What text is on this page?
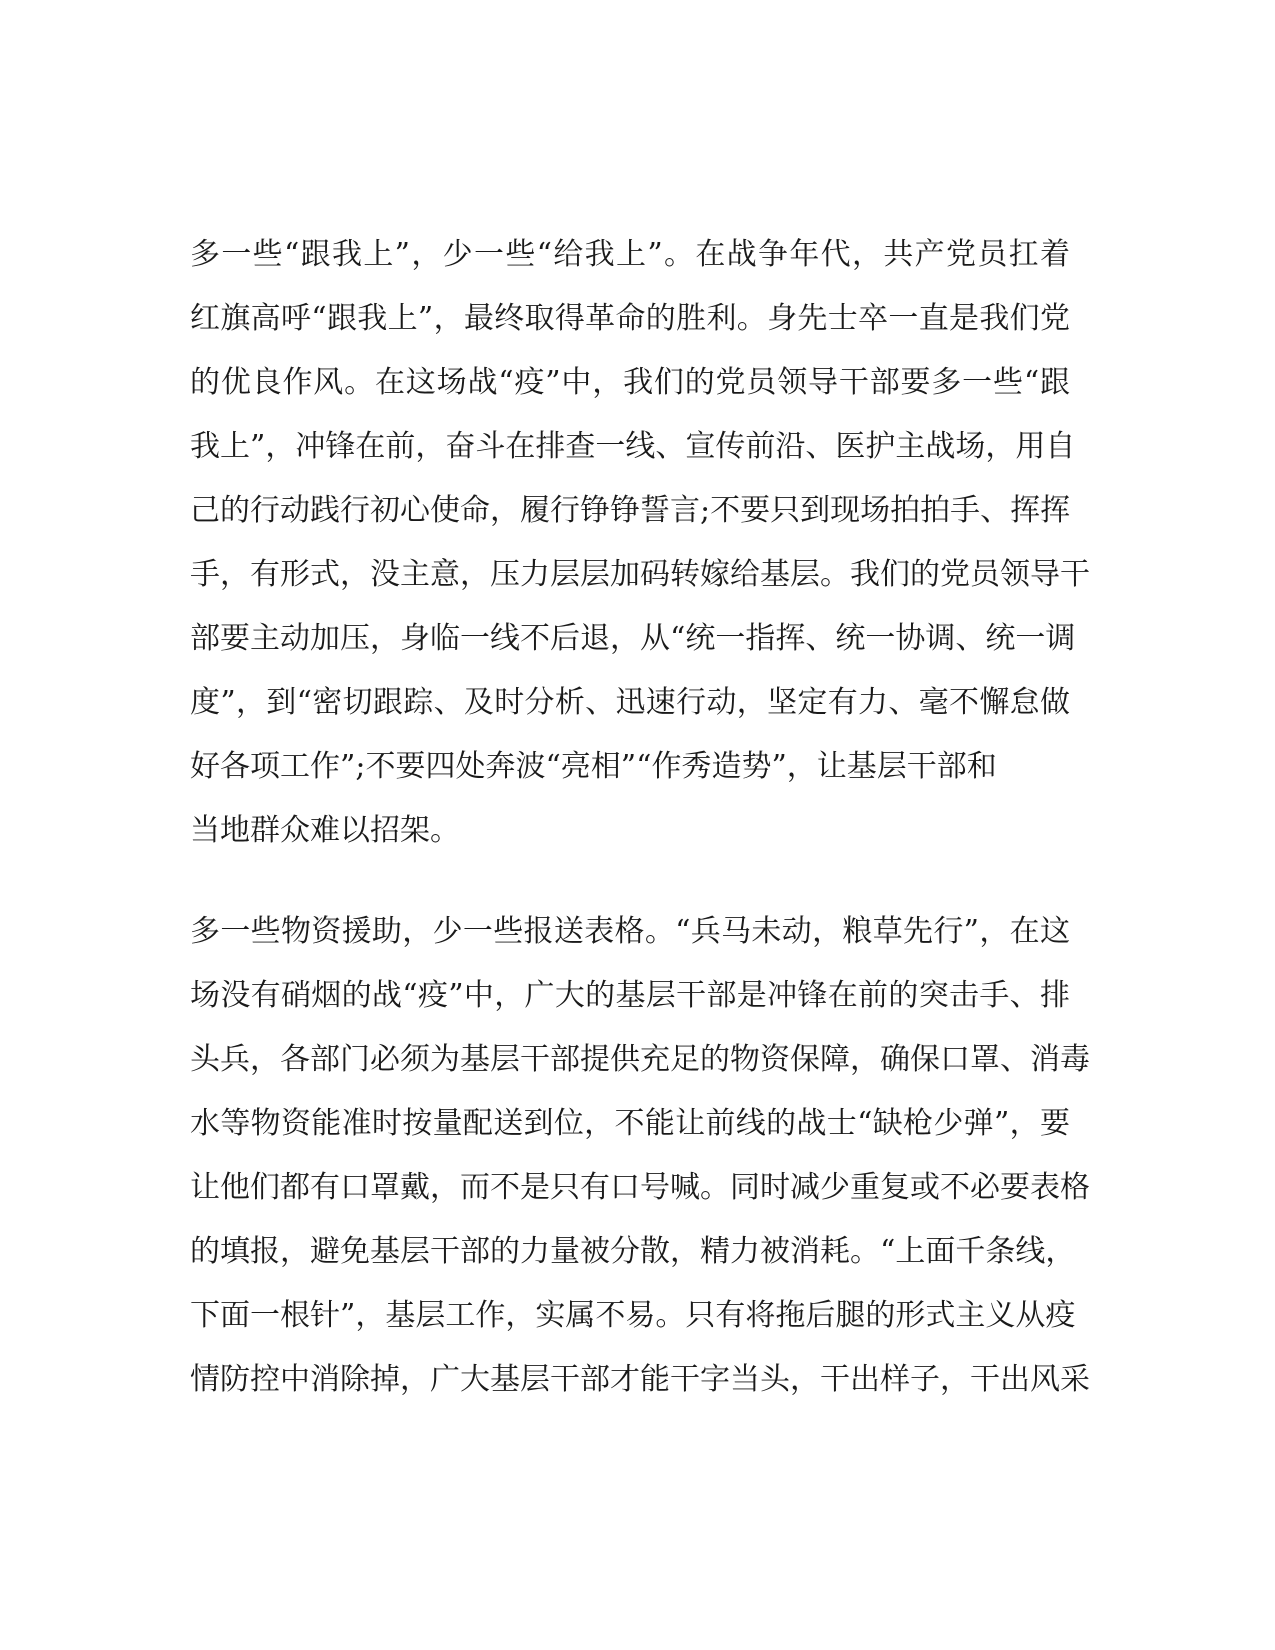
多一些“跟我上”，少一些“给我上”。在战争年代，共产党员扛着
红旗高呼“跟我上”，最终取得革命的胜利。身先士卒一直是我们党
的优良作风。在这场战“疫”中，我们的党员领导干部要多一些“跟
我上”，冲锋在前，奋斗在排查一线、宣传前沿、医护主战场，用自
己的行动践行初心使命，履行铮铮誓言;不要只到现场拍拍手、挥挥
手，有形式，没主意，压力层层加码转嫁给基层。我们的党员领导干
部要主动加压，身临一线不后退，从“统一指挥、统一协调、统一调
度”，到“密切跟踪、及时分析、迅速行动，坚定有力、毫不懈怠做
好各项工作”;不要四处奔波“亮相”“作秀造势”，让基层干部和
当地群众难以招架。
多一些物资援助，少一些报送表格。“兵马未动，粮草先行”，在这
场没有硝烟的战“疫”中，广大的基层干部是冲锋在前的突击手、排
头兵，各部门必须为基层干部提供充足的物资保障，确保口罩、消毒
水等物资能准时按量配送到位，不能让前线的战士“缺枪少弹”，要
让他们都有口罩戴，而不是只有口号喊。同时减少重复或不必要表格
的填报，避免基层干部的力量被分散，精力被消耗。“上面千条线，
下面一根针”，基层工作，实属不易。只有将拖后腿的形式主义从疫
情防控中消除掉，广大基层干部才能干字当头，干出样子，干出风采
